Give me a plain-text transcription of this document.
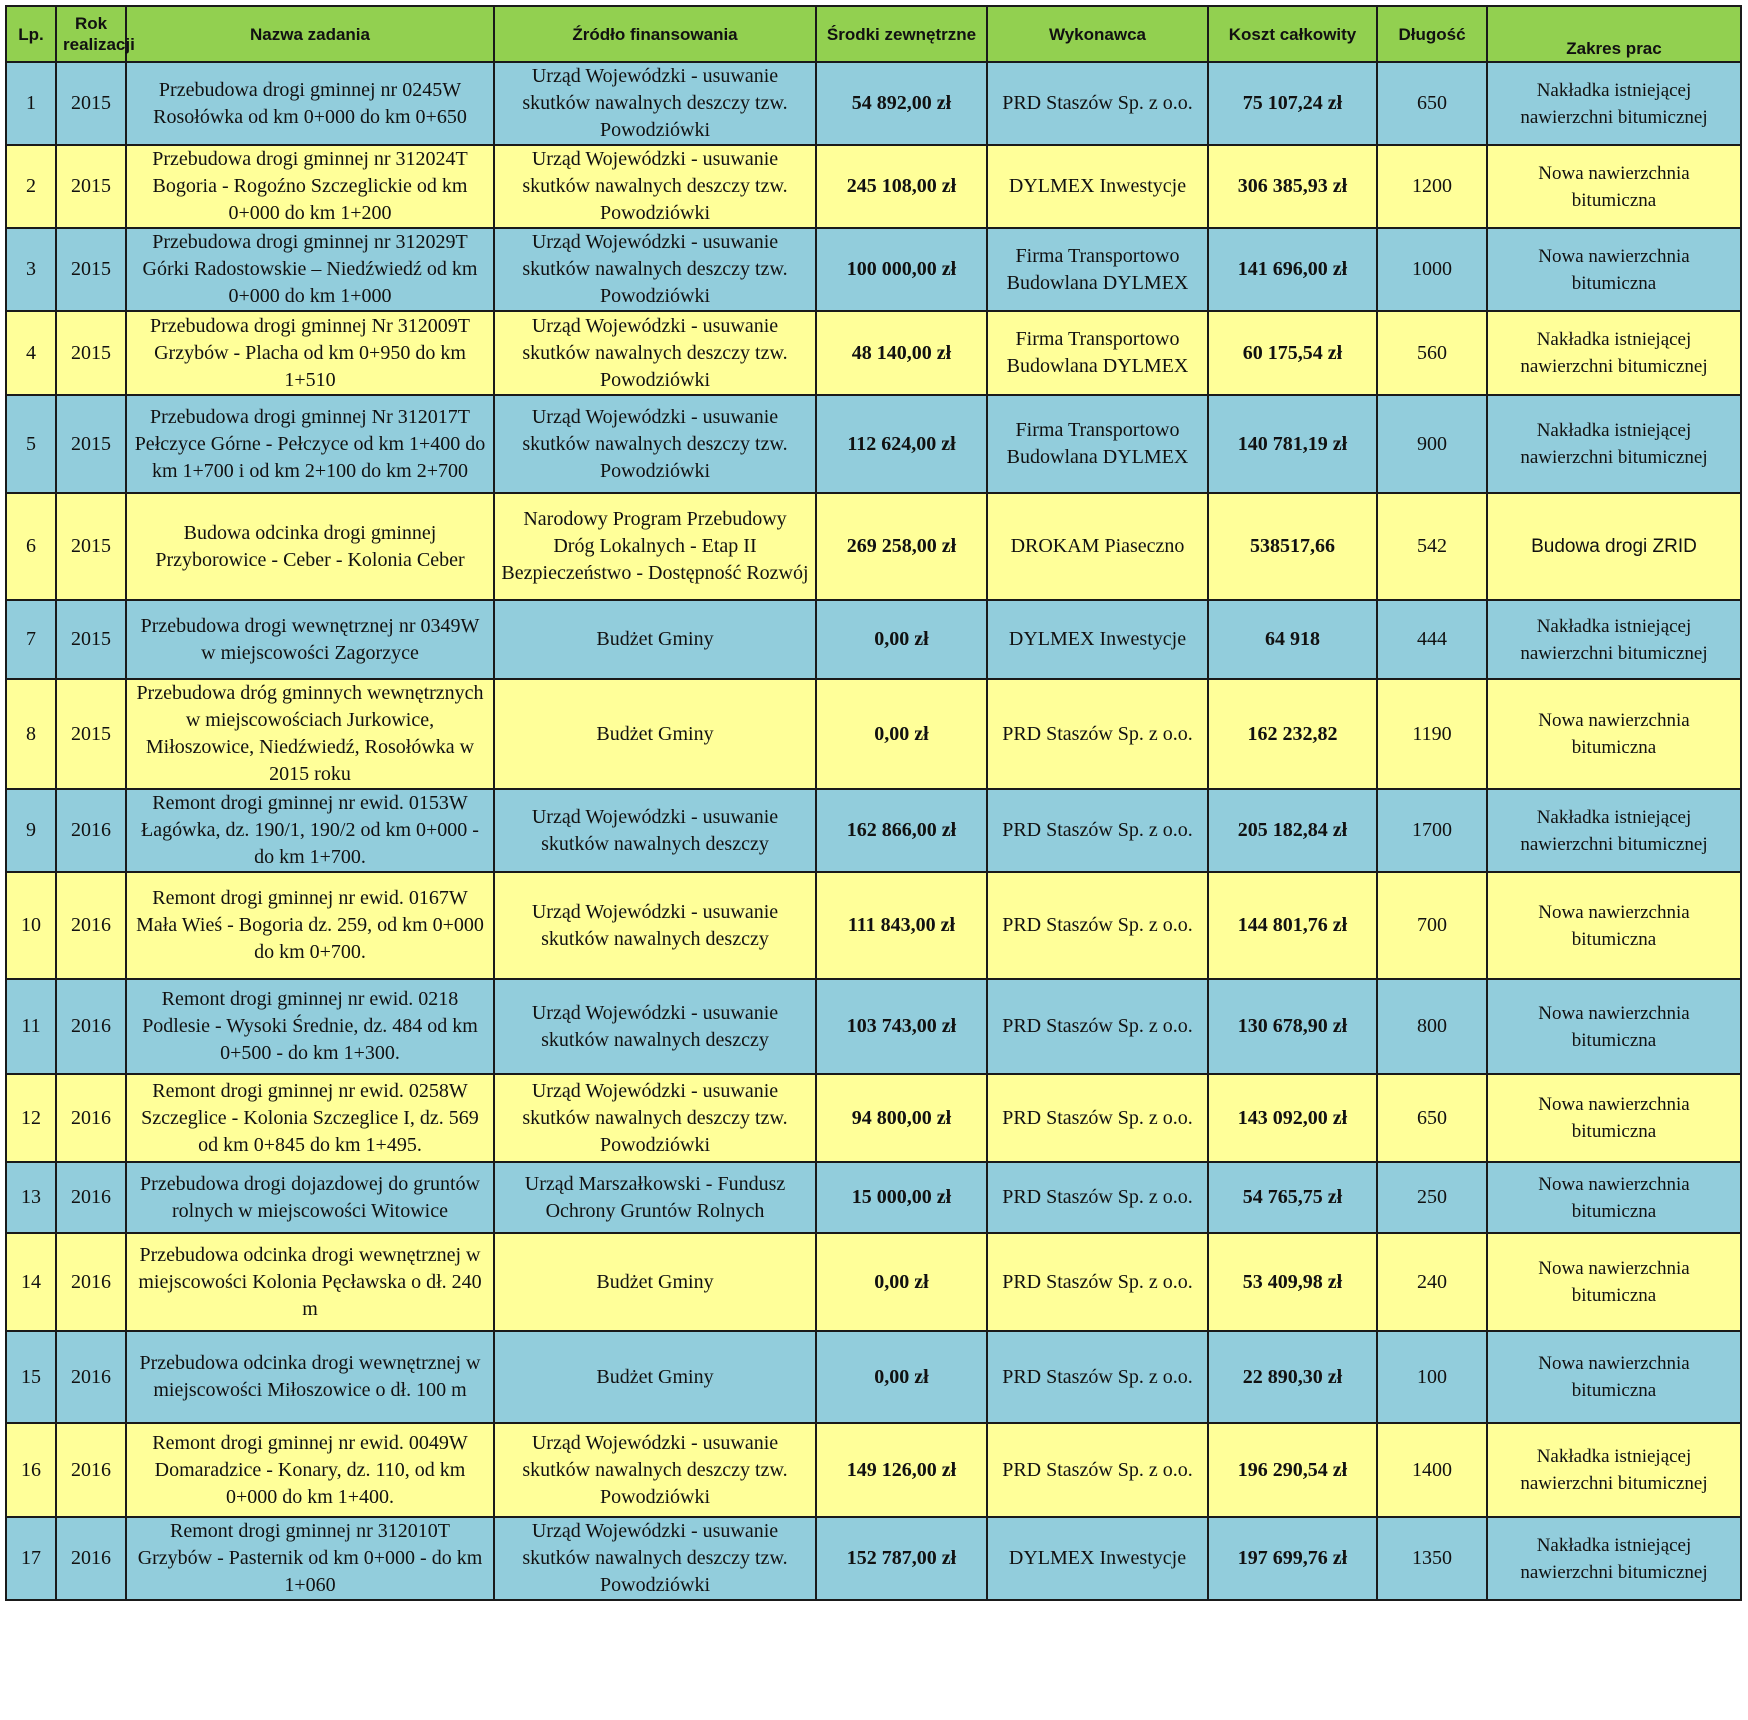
Lp.	Rok realizacji	Nazwa zadania	Źródło finansowania	Środki zewnętrzne	Wykonawca	Koszt całkowity	Długość	Zakres prac
1	2015	Przebudowa drogi gminnej nr 0245W Rosołówka od km 0+000 do km 0+650	Urząd Wojewódzki - usuwanie skutków nawalnych deszczy tzw. Powodziówki	54 892,00 zł	PRD Staszów Sp. z o.o.	75 107,24 zł	650	Nakładka istniejącej nawierzchni bitumicznej
2	2015	Przebudowa drogi gminnej nr 312024T Bogoria - Rogoźno Szczeglickie od km 0+000 do km 1+200	Urząd Wojewódzki - usuwanie skutków nawalnych deszczy tzw. Powodziówki	245 108,00 zł	DYLMEX Inwestycje	306 385,93 zł	1200	Nowa nawierzchnia bitumiczna
3	2015	Przebudowa drogi gminnej nr 312029T Górki Radostowskie – Niedźwiedź od km 0+000 do km 1+000	Urząd Wojewódzki - usuwanie skutków nawalnych deszczy tzw. Powodziówki	100 000,00 zł	Firma Transportowo Budowlana DYLMEX	141 696,00 zł	1000	Nowa nawierzchnia bitumiczna
4	2015	Przebudowa drogi gminnej Nr 312009T Grzybów - Placha od km 0+950 do km 1+510	Urząd Wojewódzki - usuwanie skutków nawalnych deszczy tzw. Powodziówki	48 140,00 zł	Firma Transportowo Budowlana DYLMEX	60 175,54 zł	560	Nakładka istniejącej nawierzchni bitumicznej
5	2015	Przebudowa drogi gminnej Nr 312017T Pełczyce Górne - Pełczyce od km 1+400 do km 1+700 i od km 2+100 do km 2+700	Urząd Wojewódzki - usuwanie skutków nawalnych deszczy tzw. Powodziówki	112 624,00 zł	Firma Transportowo Budowlana DYLMEX	140 781,19 zł	900	Nakładka istniejącej nawierzchni bitumicznej
6	2015	Budowa odcinka drogi gminnej Przyborowice - Ceber - Kolonia Ceber	Narodowy Program Przebudowy Dróg Lokalnych - Etap II Bezpieczeństwo - Dostępność Rozwój	269 258,00 zł	DROKAM Piaseczno	538517,66	542	Budowa drogi ZRID
7	2015	Przebudowa drogi wewnętrznej nr 0349W w miejscowości Zagorzyce	Budżet Gminy	0,00 zł	DYLMEX Inwestycje	64 918	444	Nakładka istniejącej nawierzchni bitumicznej
8	2015	Przebudowa dróg gminnych wewnętrznych w miejscowościach Jurkowice, Miłoszowice, Niedźwiedź, Rosołówka w 2015 roku	Budżet Gminy	0,00 zł	PRD Staszów Sp. z o.o.	162 232,82	1190	Nowa nawierzchnia bitumiczna
9	2016	Remont drogi gminnej nr ewid. 0153W Łagówka, dz. 190/1, 190/2 od km 0+000 - do km 1+700.	Urząd Wojewódzki - usuwanie skutków nawalnych deszczy	162 866,00 zł	PRD Staszów Sp. z o.o.	205 182,84 zł	1700	Nakładka istniejącej nawierzchni bitumicznej
10	2016	Remont drogi gminnej nr ewid. 0167W Mała Wieś - Bogoria dz. 259, od km 0+000 do km 0+700.	Urząd Wojewódzki - usuwanie skutków nawalnych deszczy	111 843,00 zł	PRD Staszów Sp. z o.o.	144 801,76 zł	700	Nowa nawierzchnia bitumiczna
11	2016	Remont drogi gminnej nr ewid. 0218 Podlesie - Wysoki Średnie, dz. 484 od km 0+500 - do km 1+300.	Urząd Wojewódzki - usuwanie skutków nawalnych deszczy	103 743,00 zł	PRD Staszów Sp. z o.o.	130 678,90 zł	800	Nowa nawierzchnia bitumiczna
12	2016	Remont drogi gminnej nr ewid. 0258W Szczeglice - Kolonia Szczeglice I, dz. 569 od km 0+845 do km 1+495.	Urząd Wojewódzki - usuwanie skutków nawalnych deszczy tzw. Powodziówki	94 800,00 zł	PRD Staszów Sp. z o.o.	143 092,00 zł	650	Nowa nawierzchnia bitumiczna
13	2016	Przebudowa drogi dojazdowej do gruntów rolnych w miejscowości Witowice	Urząd Marszałkowski - Fundusz Ochrony Gruntów Rolnych	15 000,00 zł	PRD Staszów Sp. z o.o.	54 765,75 zł	250	Nowa nawierzchnia bitumiczna
14	2016	Przebudowa odcinka drogi wewnętrznej w miejscowości Kolonia Pęcławska o dł. 240 m	Budżet Gminy	0,00 zł	PRD Staszów Sp. z o.o.	53 409,98 zł	240	Nowa nawierzchnia bitumiczna
15	2016	Przebudowa odcinka drogi wewnętrznej w miejscowości Miłoszowice o dł. 100 m	Budżet Gminy	0,00 zł	PRD Staszów Sp. z o.o.	22 890,30 zł	100	Nowa nawierzchnia bitumiczna
16	2016	Remont drogi gminnej nr ewid. 0049W Domaradzice - Konary, dz. 110, od km 0+000 do km 1+400.	Urząd Wojewódzki - usuwanie skutków nawalnych deszczy tzw. Powodziówki	149 126,00 zł	PRD Staszów Sp. z o.o.	196 290,54 zł	1400	Nakładka istniejącej nawierzchni bitumicznej
17	2016	Remont drogi gminnej nr 312010T Grzybów - Pasternik od km 0+000 - do km 1+060	Urząd Wojewódzki - usuwanie skutków nawalnych deszczy tzw. Powodziówki	152 787,00 zł	DYLMEX Inwestycje	197 699,76 zł	1350	Nakładka istniejącej nawierzchni bitumicznej
